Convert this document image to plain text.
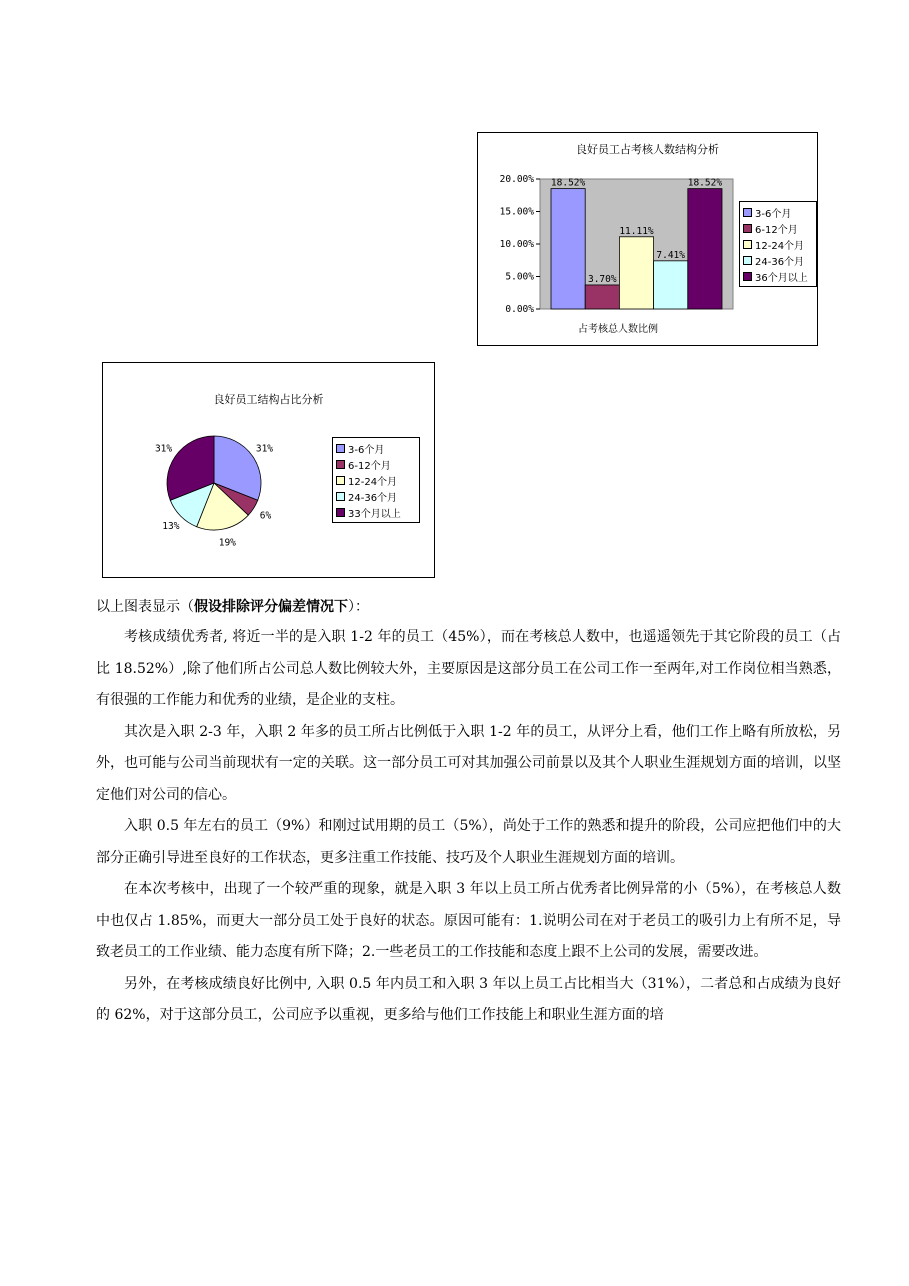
良好员工占考核人数结构分析
20.00%
15.00%
10.00%
5.00%
0.00%
18.52%
3.70%
11.11%
7.41%
18.52%
占考核总人数比例
3-6个月
6-12个月
12-24个月
24-36个月
36个月以上
良好员工结构占比分析
31%
6%
19%
13%
31%	3-6个月
6-12个月
12-24个月
24-36个月
33个月以上
以上图表显示（假设排除评分偏差情况下）：

考核成绩优秀者, 将近一半的是入职 1-2 年的员工（45%），而在考核总人数中，也遥遥领先于其它阶段的员工（占比 18.52%）,除了他们所占公司总人数比例较大外，主要原因是这部分员工在公司工作一至两年,对工作岗位相当熟悉，有很强的工作能力和优秀的业绩，是企业的支柱。

其次是入职 2-3 年，入职 2 年多的员工所占比例低于入职 1-2 年的员工，从评分上看，他们工作上略有所放松，另外，也可能与公司当前现状有一定的关联。这一部分员工可对其加强公司前景以及其个人职业生涯规划方面的培训，以坚定他们对公司的信心。

入职 0.5 年左右的员工（9%）和刚过试用期的员工（5%），尚处于工作的熟悉和提升的阶段，公司应把他们中的大部分正确引导进至良好的工作状态，更多注重工作技能、技巧及个人职业生涯规划方面的培训。

在本次考核中，出现了一个较严重的现象，就是入职 3 年以上员工所占优秀者比例异常的小（5%），在考核总人数中也仅占 1.85%，而更大一部分员工处于良好的状态。原因可能有：1.说明公司在对于老员工的吸引力上有所不足，导致老员工的工作业绩、能力态度有所下降；2.一些老员工的工作技能和态度上跟不上公司的发展，需要改进。

另外，在考核成绩良好比例中, 入职 0.5 年内员工和入职 3 年以上员工占比相当大（31%），二者总和占成绩为良好的 62%，对于这部分员工，公司应予以重视，更多给与他们工作技能上和职业生涯方面的培
